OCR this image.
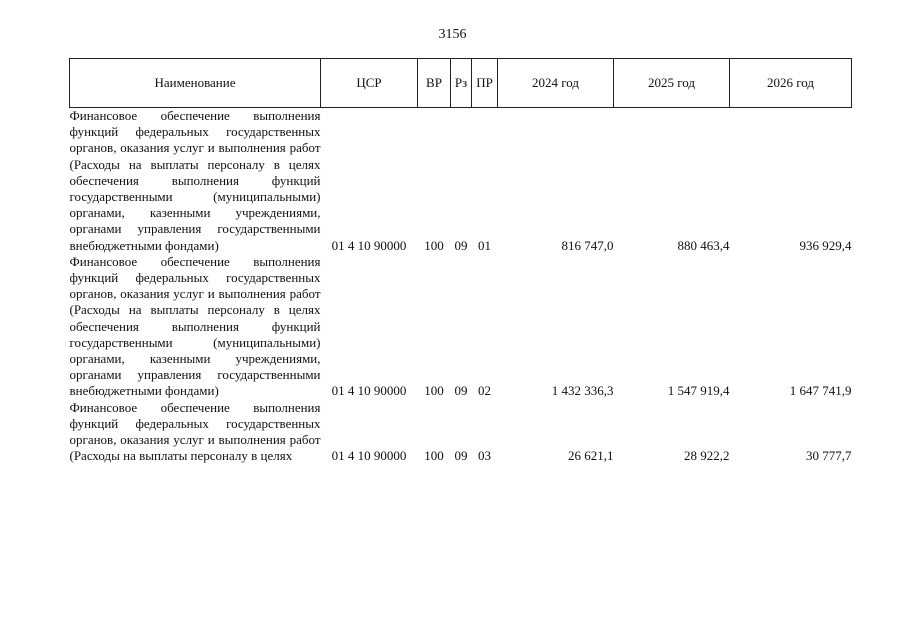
3156
Наименование	ЦСР	ВР	Рз	ПР	2024 год	2025 год	2026 год
Финансовое обеспечение выполнения функций федеральных государственных органов, оказания услуг и выполнения работ (Расходы на выплаты персоналу в целях обеспечения выполнения функций государственными (муниципальными) органами, казенными учреждениями, органами управления государственными внебюджетными фондами)	01 4 10 90000	100	09	01	816 747,0	880 463,4	936 929,4
Финансовое обеспечение выполнения функций федеральных государственных органов, оказания услуг и выполнения работ (Расходы на выплаты персоналу в целях обеспечения выполнения функций государственными (муниципальными) органами, казенными учреждениями, органами управления государственными внебюджетными фондами)	01 4 10 90000	100	09	02	1 432 336,3	1 547 919,4	1 647 741,9
Финансовое обеспечение выполнения функций федеральных государственных органов, оказания услуг и выполнения работ (Расходы на выплаты персоналу в целях	01 4 10 90000	100	09	03	26 621,1	28 922,2	30 777,7
